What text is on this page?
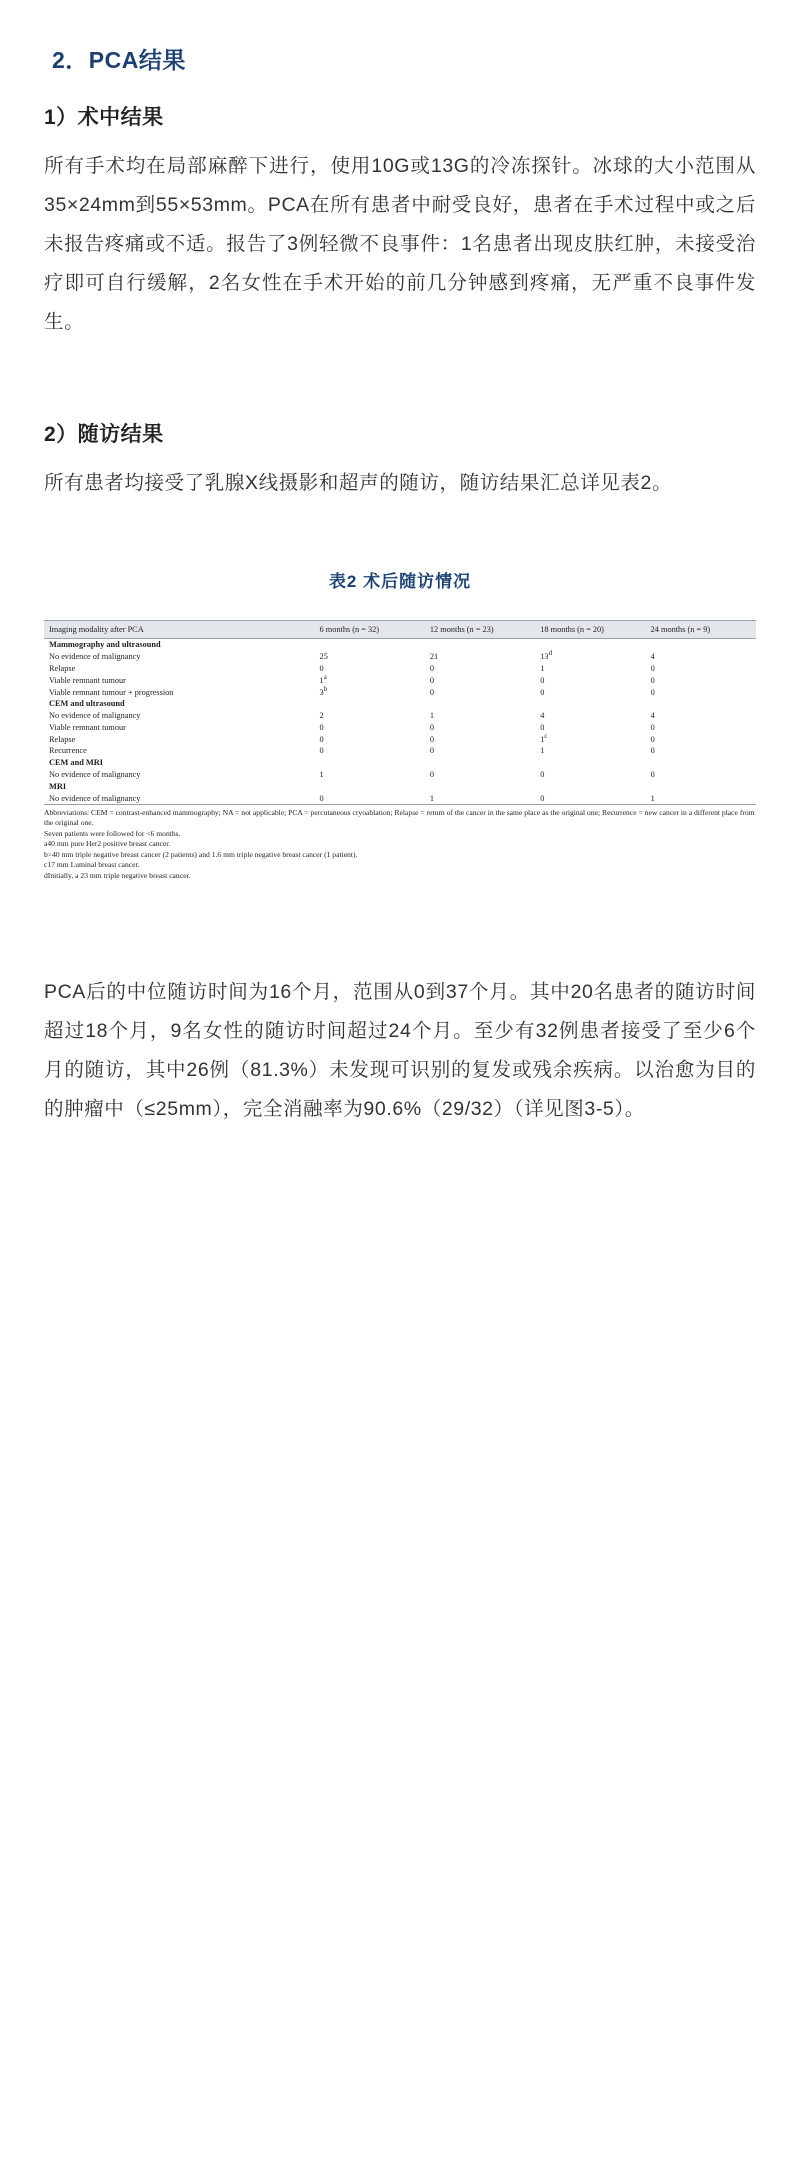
2．PCA结果
1）术中结果

所有手术均在局部麻醉下进行，使用10G或13G的冷冻探针。冰球的大小范围从35×24mm到55×53mm。PCA在所有患者中耐受良好，患者在手术过程中或之后未报告疼痛或不适。报告了3例轻微不良事件：1名患者出现皮肤红肿，未接受治疗即可自行缓解，2名女性在手术开始的前几分钟感到疼痛，无严重不良事件发生。

2）随访结果

所有患者均接受了乳腺X线摄影和超声的随访，随访结果汇总详见表2。

表2 术后随访情况
Imaging modality after PCA	6 months (n = 32)	12 months (n = 23)	18 months (n = 20)	24 months (n = 9)
Mammography and ultrasound				
No evidence of malignancy	25	21	13$^d$	4
Relapse	0	0	1	0
Viable remnant tumour	1$^a$	0	0	0
Viable remnant tumour + progression	3$^b$	0	0	0
CEM and ultrasound				
No evidence of malignancy	2	1	4	4
Viable remnant tumour	0	0	0	0
Relapse	0	0	1$^c$	0
Recurrence	0	0	1	0
CEM and MRI				
No evidence of malignancy	1	0	0	0
MRI				
No evidence of malignancy	0	1	0	1
Abbreviations: CEM = contrast-enhanced mammography; NA = not applicable; PCA = percutaneous cryoablation; Relapse = return of the cancer in the same place as the original one; Recurrence = new cancer in a different place from the original one.
Seven patients were followed for <6 months.
a40 mm pure Her2 positive breast cancer.
b>40 mm triple negative breast cancer (2 patients) and 1.6 mm triple negative breast cancer (1 patient).
c17 mm Luminal breast cancer.
dInitially, a 23 mm triple negative breast cancer.

PCA后的中位随访时间为16个月，范围从0到37个月。其中20名患者的随访时间超过18个月，9名女性的随访时间超过24个月。至少有32例患者接受了至少6个月的随访，其中26例（81.3%）未发现可识别的复发或残余疾病。以治愈为目的的肿瘤中（≤25mm），完全消融率为90.6%（29/32）（详见图3-5）。
